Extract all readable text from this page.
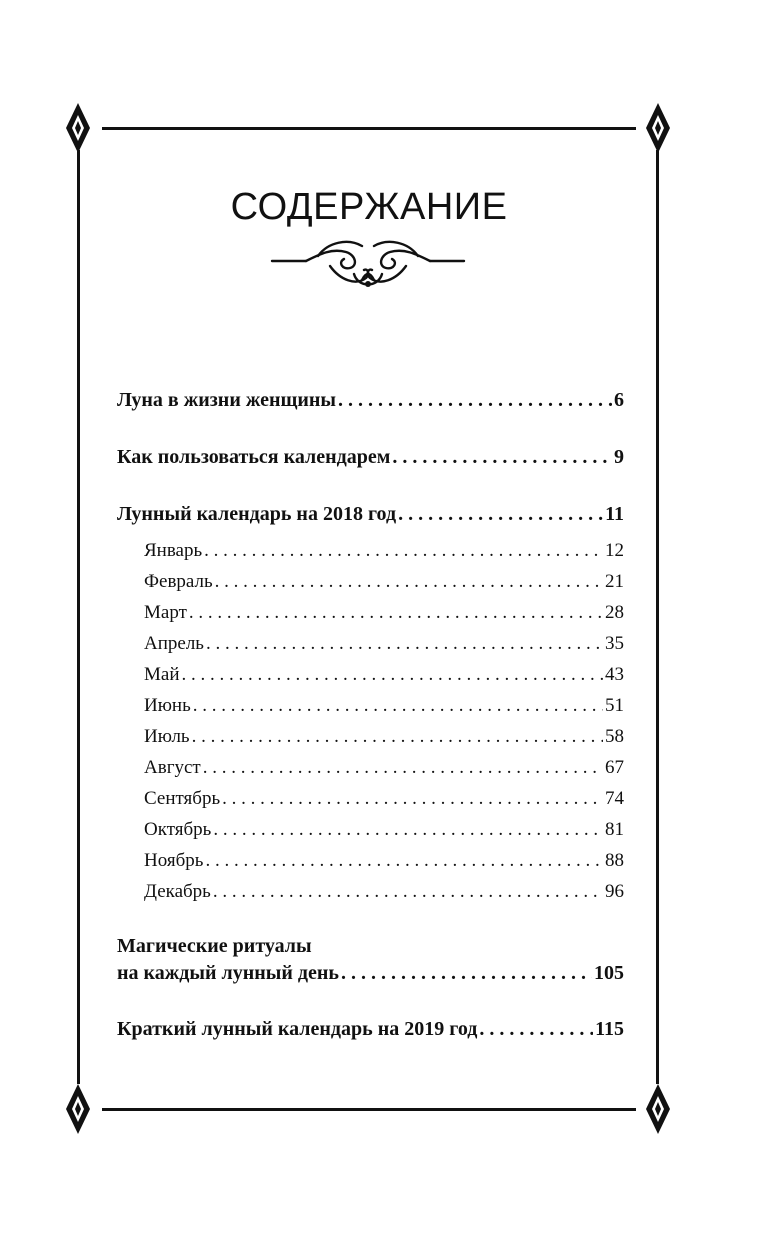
СОДЕРЖАНИЕ
Луна в жизни женщины . . .	6
Как пользоваться календарем . . .	9
Лунный календарь на 2018 год . . .	11
Январь . . .	12
Февраль . . .	21
Март . . .	28
Апрель . . .	35
Май . . .	43
Июнь . . .	51
Июль . . .	58
Август . . .	67
Сентябрь . . .	74
Октябрь . . .	81
Ноябрь . . .	88
Декабрь . . .	96
Магические ритуалы
на каждый лунный день . . .	105
Краткий лунный календарь на 2019 год . . .	115
